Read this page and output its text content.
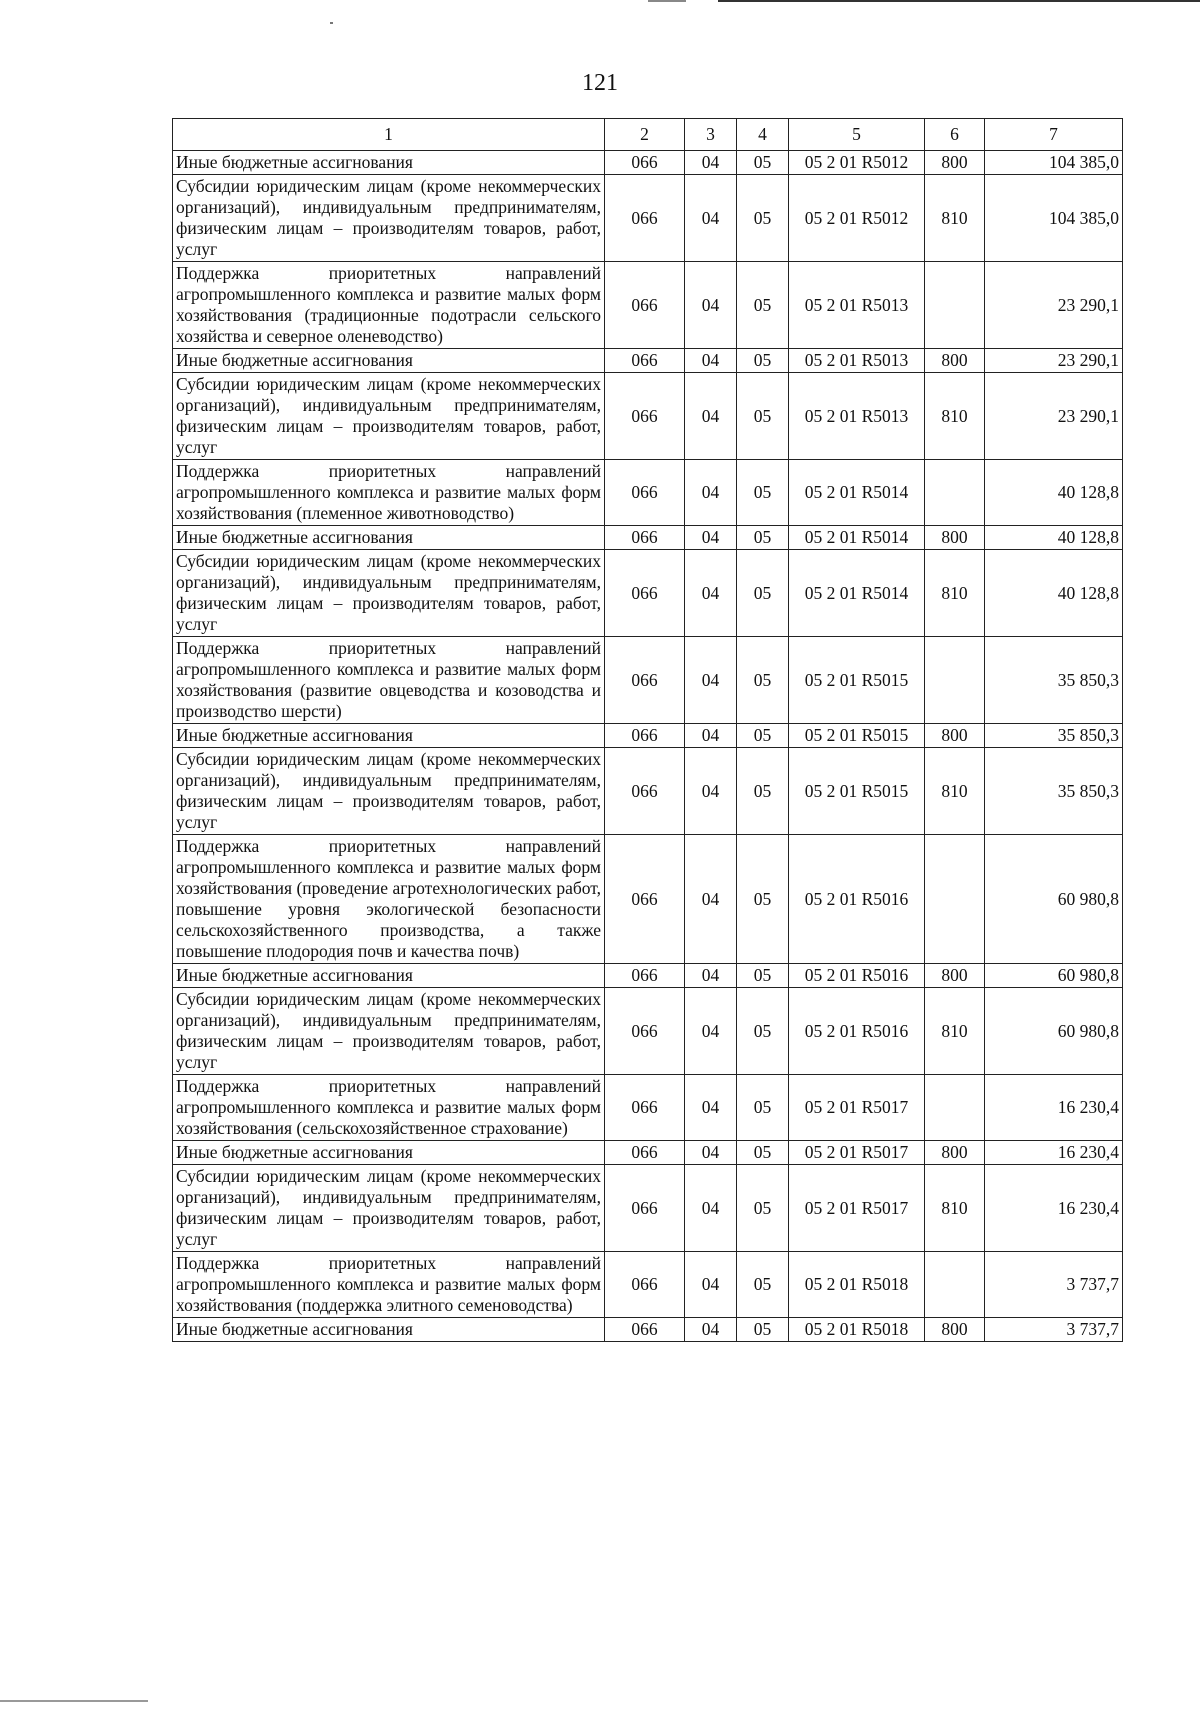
121
1	2	3	4	5	6	7
Иные бюджетные ассигнования	066	04	05	05 2 01 R5012	800	104 385,0
Субсидии юридическим лицам (кроме некоммерческих организаций), индивидуальным предпринимателям, физическим лицам – производителям товаров, работ, услуг	066	04	05	05 2 01 R5012	810	104 385,0
Поддержка приоритетных направлений агропромышленного комплекса и развитие малых форм хозяйствования (традиционные подотрасли сельского хозяйства и северное оленеводство)	066	04	05	05 2 01 R5013		23 290,1
Иные бюджетные ассигнования	066	04	05	05 2 01 R5013	800	23 290,1
Субсидии юридическим лицам (кроме некоммерческих организаций), индивидуальным предпринимателям, физическим лицам – производителям товаров, работ, услуг	066	04	05	05 2 01 R5013	810	23 290,1
Поддержка приоритетных направлений агропромышленного комплекса и развитие малых форм хозяйствования (племенное животноводство)	066	04	05	05 2 01 R5014		40 128,8
Иные бюджетные ассигнования	066	04	05	05 2 01 R5014	800	40 128,8
Субсидии юридическим лицам (кроме некоммерческих организаций), индивидуальным предпринимателям, физическим лицам – производителям товаров, работ, услуг	066	04	05	05 2 01 R5014	810	40 128,8
Поддержка приоритетных направлений агропромышленного комплекса и развитие малых форм хозяйствования (развитие овцеводства и козоводства и производство шерсти)	066	04	05	05 2 01 R5015		35 850,3
Иные бюджетные ассигнования	066	04	05	05 2 01 R5015	800	35 850,3
Субсидии юридическим лицам (кроме некоммерческих организаций), индивидуальным предпринимателям, физическим лицам – производителям товаров, работ, услуг	066	04	05	05 2 01 R5015	810	35 850,3
Поддержка приоритетных направлений агропромышленного комплекса и развитие малых форм хозяйствования (проведение агротехнологических работ, повышение уровня экологической безопасности сельскохозяйственного производства, а также повышение плодородия почв и качества почв)	066	04	05	05 2 01 R5016		60 980,8
Иные бюджетные ассигнования	066	04	05	05 2 01 R5016	800	60 980,8
Субсидии юридическим лицам (кроме некоммерческих организаций), индивидуальным предпринимателям, физическим лицам – производителям товаров, работ, услуг	066	04	05	05 2 01 R5016	810	60 980,8
Поддержка приоритетных направлений агропромышленного комплекса и развитие малых форм хозяйствования (сельскохозяйственное страхование)	066	04	05	05 2 01 R5017		16 230,4
Иные бюджетные ассигнования	066	04	05	05 2 01 R5017	800	16 230,4
Субсидии юридическим лицам (кроме некоммерческих организаций), индивидуальным предпринимателям, физическим лицам – производителям товаров, работ, услуг	066	04	05	05 2 01 R5017	810	16 230,4
Поддержка приоритетных направлений агропромышленного комплекса и развитие малых форм хозяйствования (поддержка элитного семеноводства)	066	04	05	05 2 01 R5018		3 737,7
Иные бюджетные ассигнования	066	04	05	05 2 01 R5018	800	3 737,7
